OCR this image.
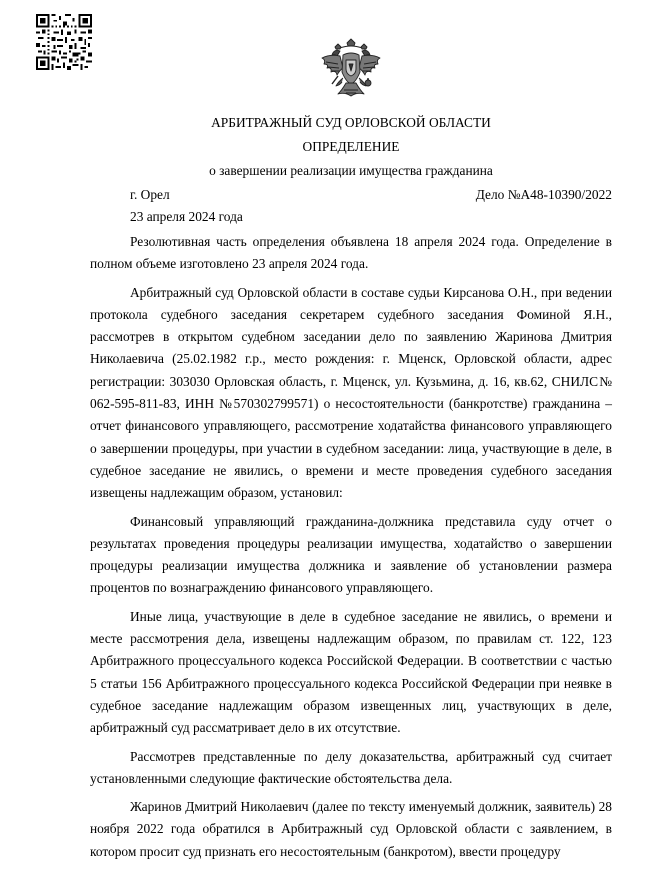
АРБИТРАЖНЫЙ СУД ОРЛОВСКОЙ ОБЛАСТИ
ОПРЕДЕЛЕНИЕ
о завершении реализации имущества гражданина
г. Орел	Дело №А48-10390/2022
23 апреля 2024 года

Резолютивная часть определения объявлена 18 апреля 2024 года. Определение в полном объеме изготовлено 23 апреля 2024 года.

Арбитражный суд Орловской области в составе судьи Кирсанова О.Н., при ведении протокола судебного заседания секретарем судебного заседания Фоминой Я.Н., рассмотрев в открытом судебном заседании дело по заявлению Жаринова Дмитрия Николаевича (25.02.1982 г.р., место рождения: г. Мценск, Орловской области, адрес регистрации: 303030 Орловская область, г. Мценск, ул. Кузьмина, д. 16, кв.62, СНИЛС№ 062-595-811-83, ИНН №570302799571) о несостоятельности (банкротстве) гражданина – отчет финансового управляющего, рассмотрение ходатайства финансового управляющего о завершении процедуры, при участии в судебном заседании: лица, участвующие в деле, в судебное заседание не явились, о времени и месте проведения судебного заседания извещены надлежащим образом, установил:

Финансовый управляющий гражданина-должника представила суду отчет о результатах проведения процедуры реализации имущества, ходатайство о завершении процедуры реализации имущества должника и заявление об установлении размера процентов по вознаграждению финансового управляющего.

Иные лица, участвующие в деле в судебное заседание не явились, о времени и месте рассмотрения дела, извещены надлежащим образом, по правилам ст. 122, 123 Арбитражного процессуального кодекса Российской Федерации. В соответствии с частью 5 статьи 156 Арбитражного процессуального кодекса Российской Федерации при неявке в судебное заседание надлежащим образом извещенных лиц, участвующих в деле, арбитражный суд рассматривает дело в их отсутствие.

Рассмотрев представленные по делу доказательства, арбитражный суд считает установленными следующие фактические обстоятельства дела.

Жаринов Дмитрий Николаевич (далее по тексту именуемый должник, заявитель) 28 ноября 2022 года обратился в Арбитражный суд Орловской области с заявлением, в котором просит суд признать его несостоятельным (банкротом), ввести процедуру
